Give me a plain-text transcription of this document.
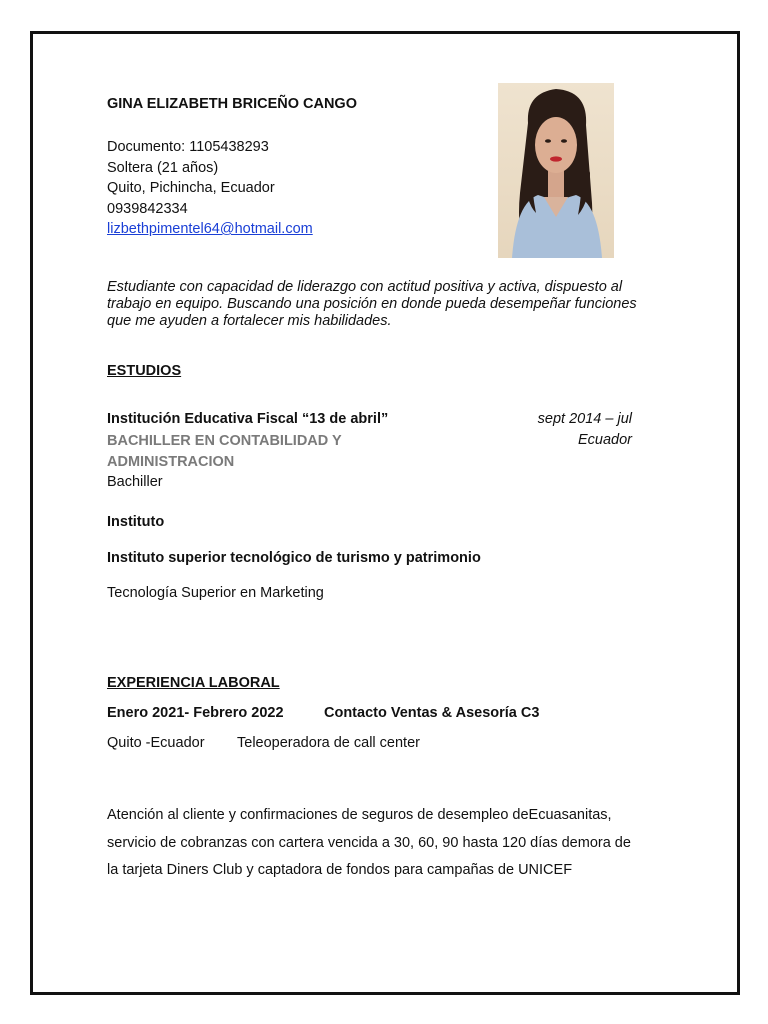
GINA ELIZABETH BRICEÑO CANGO
Documento: 1105438293
Soltera (21 años)
Quito, Pichincha, Ecuador
0939842334
lizbethpimentel64@hotmail.com
Estudiante con capacidad de liderazgo con actitud positiva y activa, dispuesto al
trabajo en equipo. Buscando una posición en donde pueda desempeñar funciones
que me ayuden a fortalecer mis habilidades.
ESTUDIOS
Institución Educativa Fiscal “13 de abril”	sept 2014 – jul
Ecuador
BACHILLER EN CONTABILIDAD Y
ADMINISTRACION
Bachiller
Instituto
Instituto superior tecnológico de turismo y patrimonio
Tecnología Superior en Marketing
EXPERIENCIA LABORAL
Enero 2021- Febrero 2022	Contacto Ventas & Asesoría C3
Quito -Ecuador Teleoperadora de call center
Atención al cliente y confirmaciones de seguros de desempleo deEcuasanitas,
servicio de cobranzas con cartera vencida a 30, 60, 90 hasta 120 días demora de
la tarjeta Diners Club y captadora de fondos para campañas de UNICEF
